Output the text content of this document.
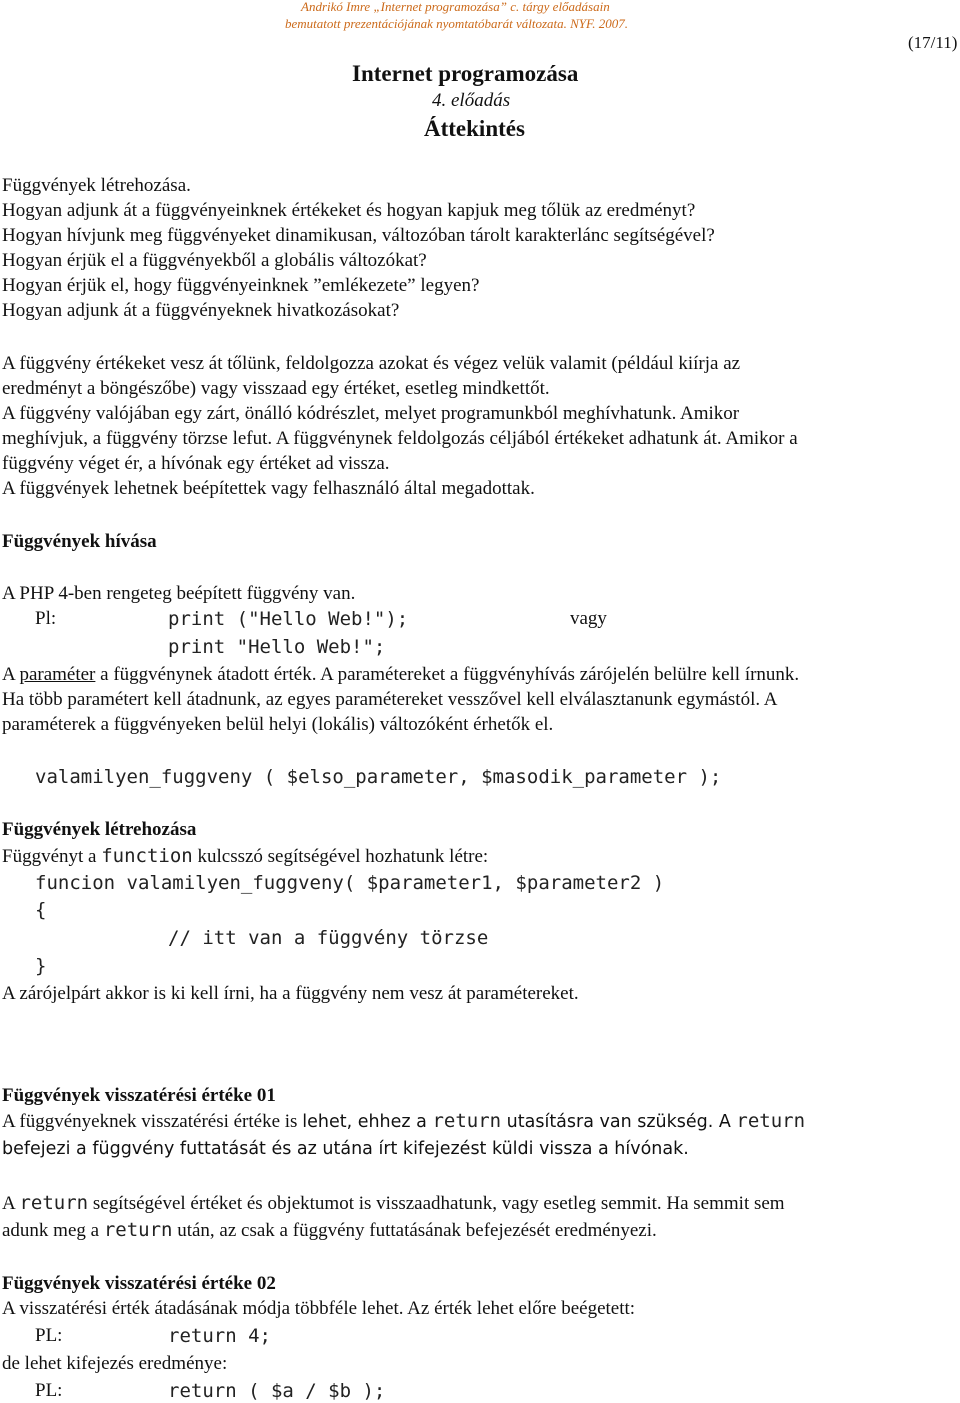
Andrikó Imre „Internet programozása” c. tárgy előadásain
bemutatott prezentációjának nyomtatóbarát változata. NYF. 2007.
(17/11)
Internet programozása
4. előadás
Áttekintés
Függvények létrehozása.
Hogyan adjunk át a függvényeinknek értékeket és hogyan kapjuk meg tőlük az eredményt?
Hogyan hívjunk meg függvényeket dinamikusan, változóban tárolt karakterlánc segítségével?
Hogyan érjük el a függvényekből a globális változókat?
Hogyan érjük el, hogy függvényeinknek ”emlékezete” legyen?
Hogyan adjunk át a függvényeknek hivatkozásokat?
A függvény értékeket vesz át tőlünk, feldolgozza azokat és végez velük valamit (például kiírja az
eredményt a böngészőbe) vagy visszaad egy értéket, esetleg mindkettőt.
A függvény valójában egy zárt, önálló kódrészlet, melyet programunkból meghívhatunk. Amikor
meghívjuk, a függvény törzse lefut. A függvénynek feldolgozás céljából értékeket adhatunk át. Amikor a
függvény véget ér, a hívónak egy értéket ad vissza.
A függvények lehetnek beépítettek vagy felhasználó által megadottak.
Függvények hívása
A PHP 4-ben rengeteg beépített függvény van.
Pl:	print ("Hello Web!");	vagy
print "Hello Web!";
A paraméter a függvénynek átadott érték. A paramétereket a függvényhívás zárójelén belülre kell írnunk.
Ha több paramétert kell átadnunk, az egyes paramétereket vesszővel kell elválasztanunk egymástól. A
paraméterek a függvényeken belül helyi (lokális) változóként érhetők el.
valamilyen_fuggveny ( $elso_parameter, $masodik_parameter );
Függvények létrehozása
Függvényt a function kulcsszó segítségével hozhatunk létre:
funcion valamilyen_fuggveny( $parameter1, $parameter2 )
{
// itt van a függvény törzse
}
A zárójelpárt akkor is ki kell írni, ha a függvény nem vesz át paramétereket.
Függvények visszatérési értéke 01
A függvényeknek visszatérési értéke is lehet, ehhez a return utasításra van szükség. A return
befejezi a függvény futtatását és az utána írt kifejezést küldi vissza a hívónak.
A return segítségével értéket és objektumot is visszaadhatunk, vagy esetleg semmit. Ha semmit sem
adunk meg a return után, az csak a függvény futtatásának befejezését eredményezi.
Függvények visszatérési értéke 02
A visszatérési érték átadásának módja többféle lehet. Az érték lehet előre beégetett:
PL:	return 4;
de lehet kifejezés eredménye:
PL:	return ( $a / $b );
